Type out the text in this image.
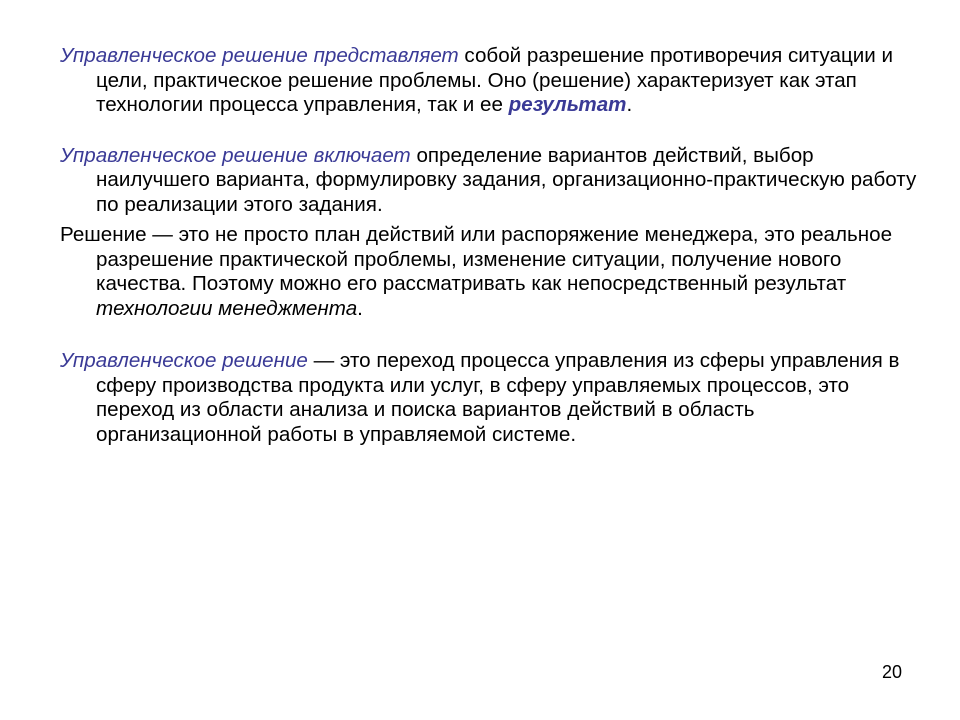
Управленческое решение представляет собой разрешение противоречия ситуации и цели, практическое решение проблемы. Оно (решение) характеризует как этап технологии процесса управления, так и ее результат.

Управленческое решение включает определение вариантов действий, выбор наилучшего варианта, формулировку задания, организационно-практическую работу по реализации этого задания.

Решение — это не просто план действий или распоряжение менеджера, это реальное разрешение практической проблемы, изменение ситуации, получение нового качества. Поэтому можно его рассматривать как непосредственный результат технологии менеджмента.

Управленческое решение — это переход процесса управления из сферы управления в сферу производства продукта или услуг, в сферу управляемых процессов, это переход из области анализа и поиска вариантов действий в область организационной работы в управляемой системе.

20
